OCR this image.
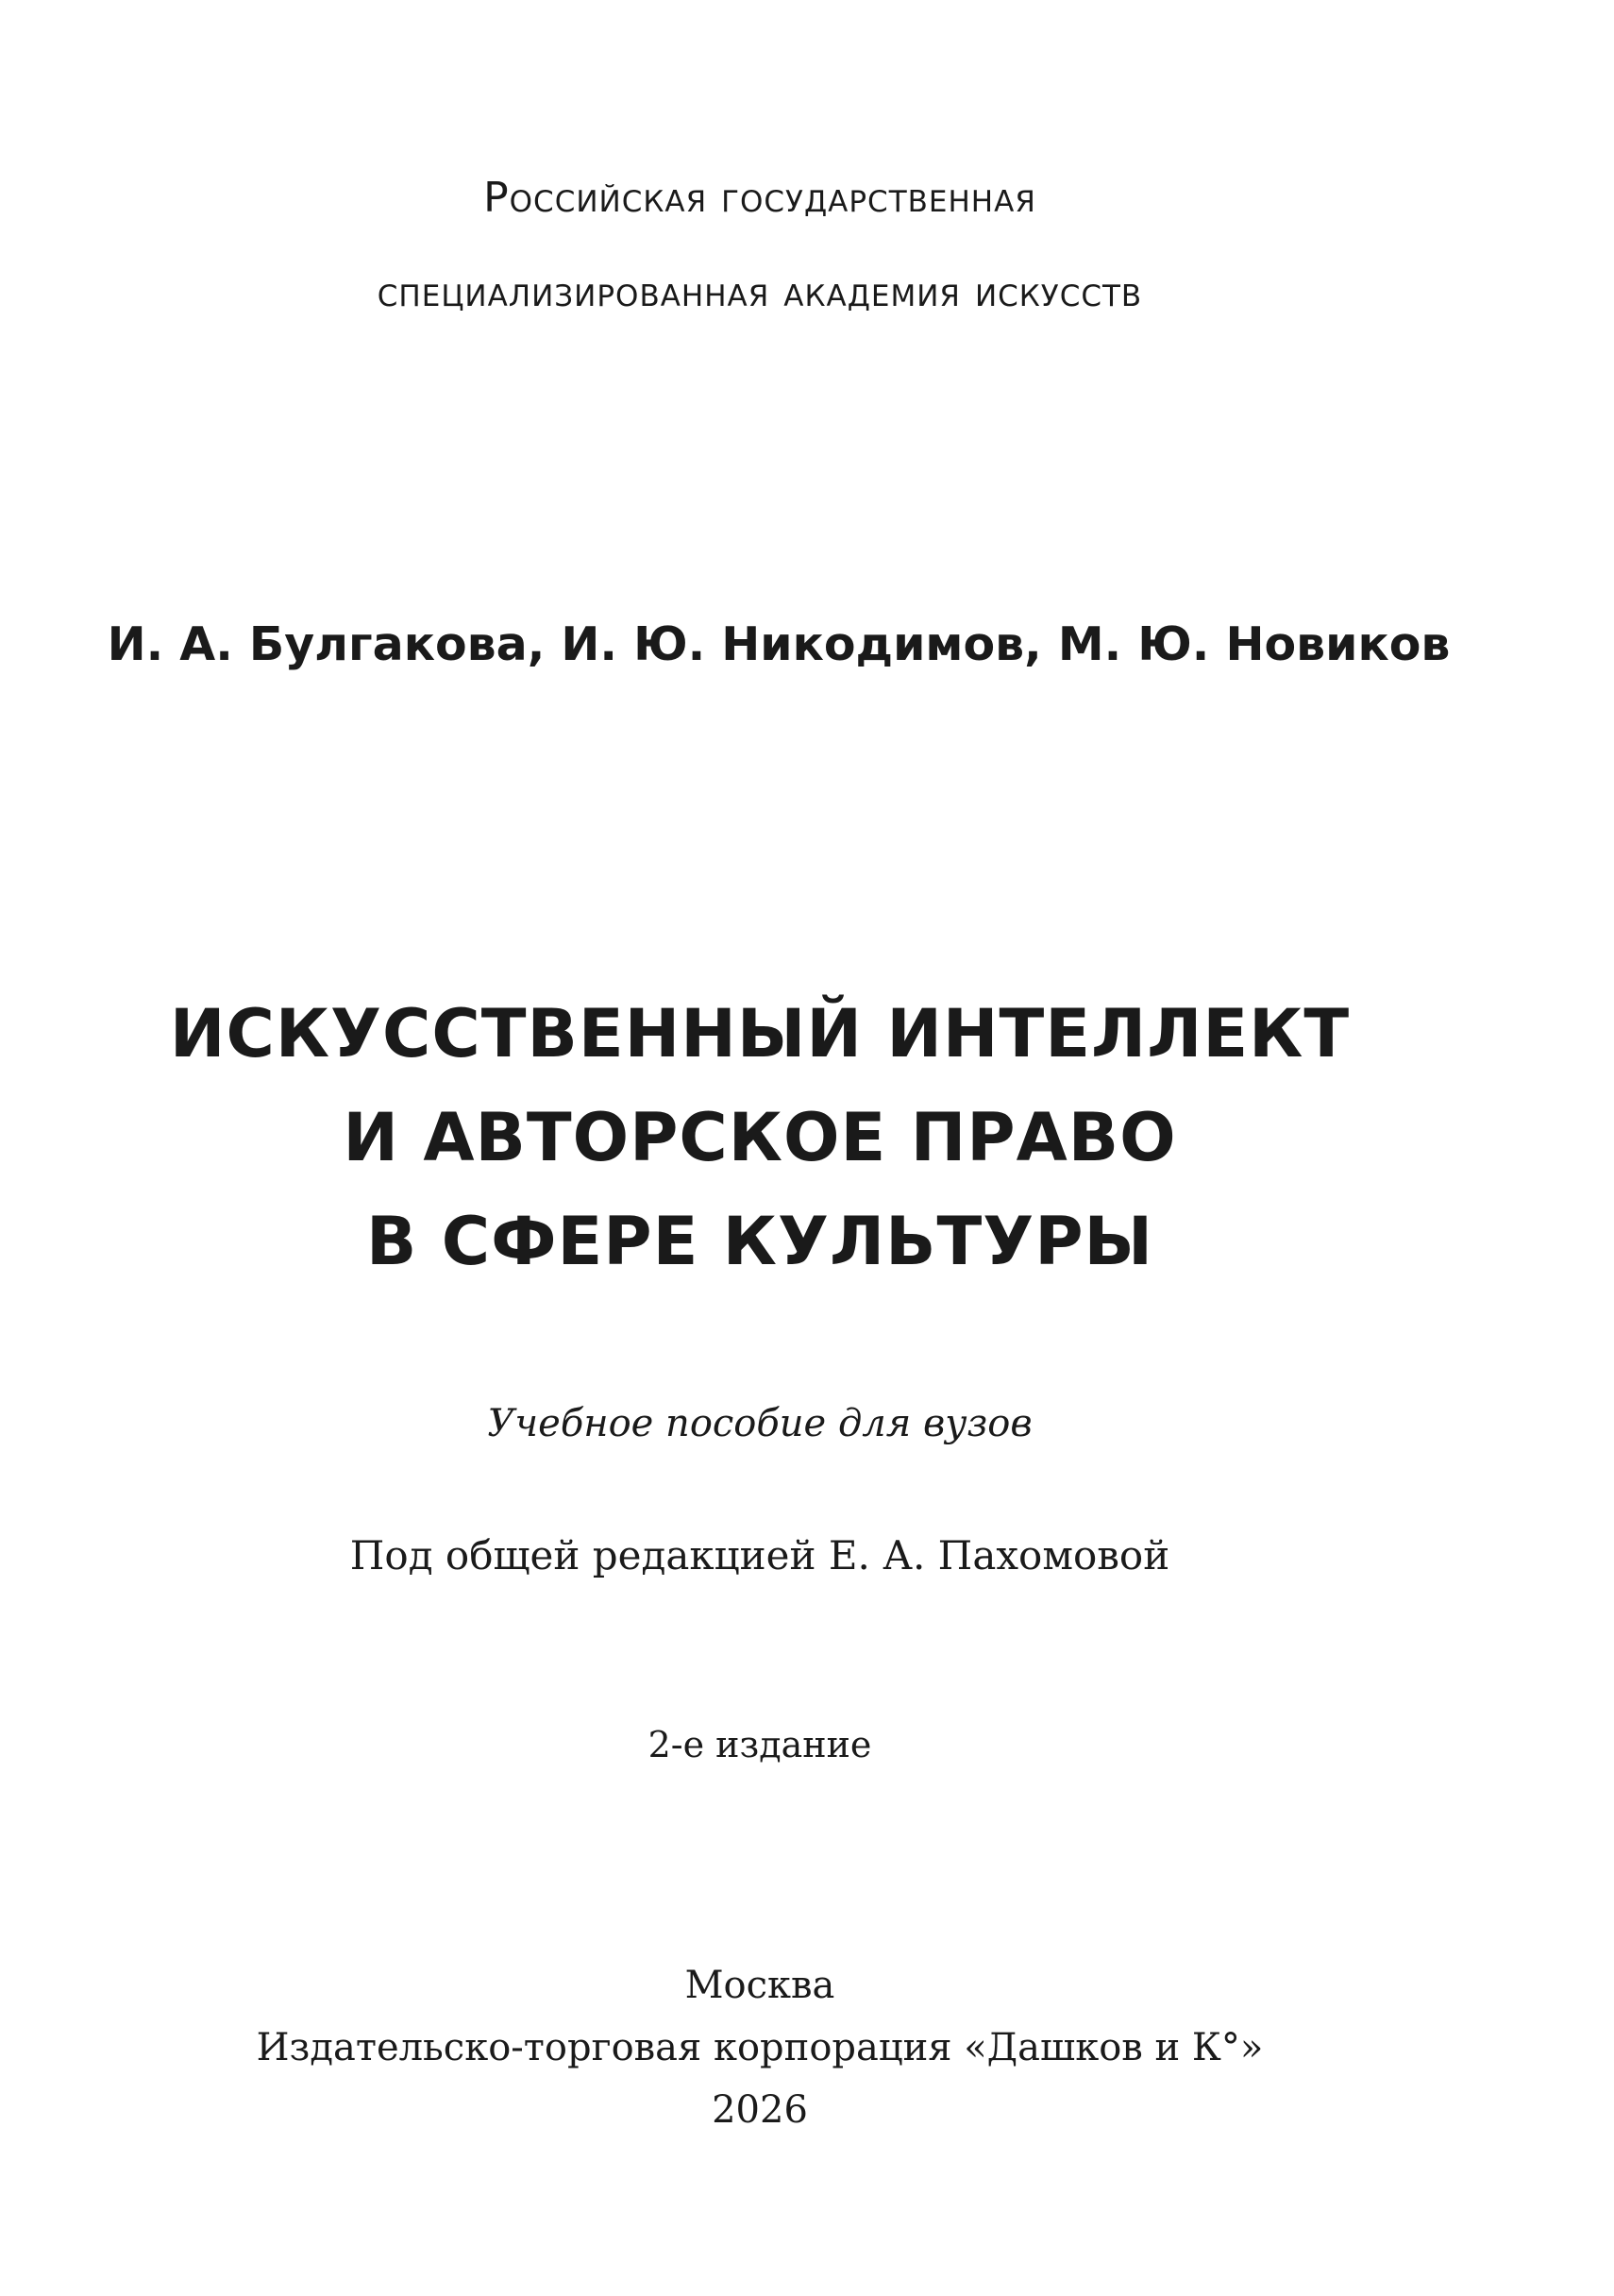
Российская государственная
специализированная академия искусств
И. А. Булгакова, И. Ю. Никодимов, М. Ю. Новиков
ИСКУССТВЕННЫЙ ИНТЕЛЛЕКТ
И АВТОРСКОЕ ПРАВО
В СФЕРЕ КУЛЬТУРЫ
Учебное пособие для вузов
Под общей редакцией Е. А. Пахомовой
2-е издание
Москва
Издательско-торговая корпорация «Дашков и К°»
2026
